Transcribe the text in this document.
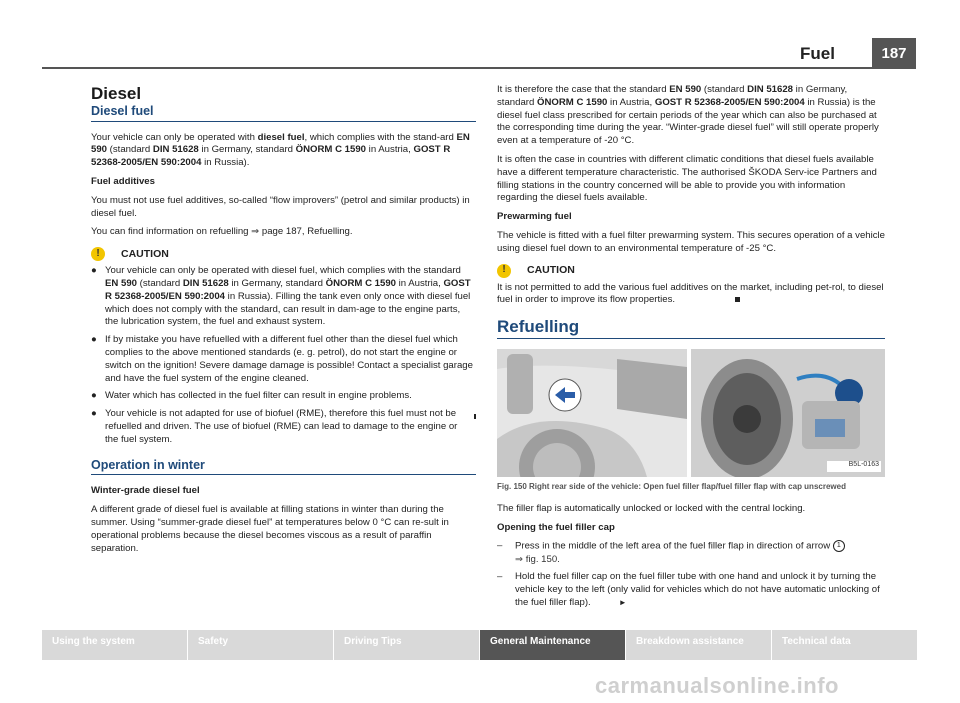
Fuel	187
Diesel
Diesel fuel

Your vehicle can only be operated with diesel fuel, which complies with the stand-ard EN 590 (standard DIN 51628 in Germany, standard ÖNORM C 1590 in Austria, GOST R 52368-2005/EN 590:2004 in Russia).

Fuel additives

You must not use fuel additives, so-called “flow improvers” (petrol and similar products) in diesel fuel.

You can find information on refuelling ⇒ page 187, Refuelling.

!	CAUTION
● Your vehicle can only be operated with diesel fuel, which complies with the standard EN 590 (standard DIN 51628 in Germany, standard ÖNORM C 1590 in Austria, GOST R 52368-2005/EN 590:2004 in Russia). Filling the tank even only once with diesel fuel which does not comply with the standard, can result in dam-age to the engine parts, the lubrication system, the fuel and exhaust system.
● If by mistake you have refuelled with a different fuel other than the diesel fuel which complies to the above mentioned standards (e. g. petrol), do not start the engine or switch on the ignition! Severe damage damage is possible! Contact a specialist garage and have the fuel system of the engine cleaned.
● Water which has collected in the fuel filter can result in engine problems.
● Your vehicle is not adapted for use of biofuel (RME), therefore this fuel must not be refuelled and driven. The use of biofuel (RME) can lead to damage to the engine or the fuel system.
Operation in winter

Winter-grade diesel fuel

A different grade of diesel fuel is available at filling stations in winter than during the summer. Using “summer-grade diesel fuel” at temperatures below 0 °C can re-sult in operational problems because the diesel becomes viscous as a result of paraffin separation.

It is therefore the case that the standard EN 590 (standard DIN 51628 in Germany, standard ÖNORM C 1590 in Austria, GOST R 52368-2005/EN 590:2004 in Russia) is the diesel fuel class prescribed for certain periods of the year which can also be purchased at the corresponding time during the year. “Winter-grade diesel fuel” will still operate properly even at a temperature of -20 °C.

It is often the case in countries with different climatic conditions that diesel fuels available have a different temperature characteristic. The authorised ŠKODA Serv-ice Partners and filling stations in the country concerned will be able to provide you with information regarding the diesel fuels available.

Prewarming fuel

The vehicle is fitted with a fuel filter prewarming system. This secures operation of a vehicle using diesel fuel down to an environmental temperature of -25 °C.

!	CAUTION

It is not permitted to add the various fuel additives on the market, including pet-rol, to diesel fuel in order to improve its flow properties.

Refuelling
B5L-0163
Fig. 150 Right rear side of the vehicle: Open fuel filler flap/fuel filler flap with cap unscrewed

The filler flap is automatically unlocked or locked with the central locking.

Opening the fuel filler cap

–	Press in the middle of the left area of the fuel filler flap in direction of arrow 1
⇒ fig. 150.
–	Hold the fuel filler cap on the fuel filler tube with one hand and unlock it by turning the vehicle key to the left (only valid for vehicles which do not have automatic unlocking of the fuel filler flap).	►
Using the system	Safety	Driving Tips	General Maintenance	Breakdown assistance	Technical data
carmanualsonline.info
